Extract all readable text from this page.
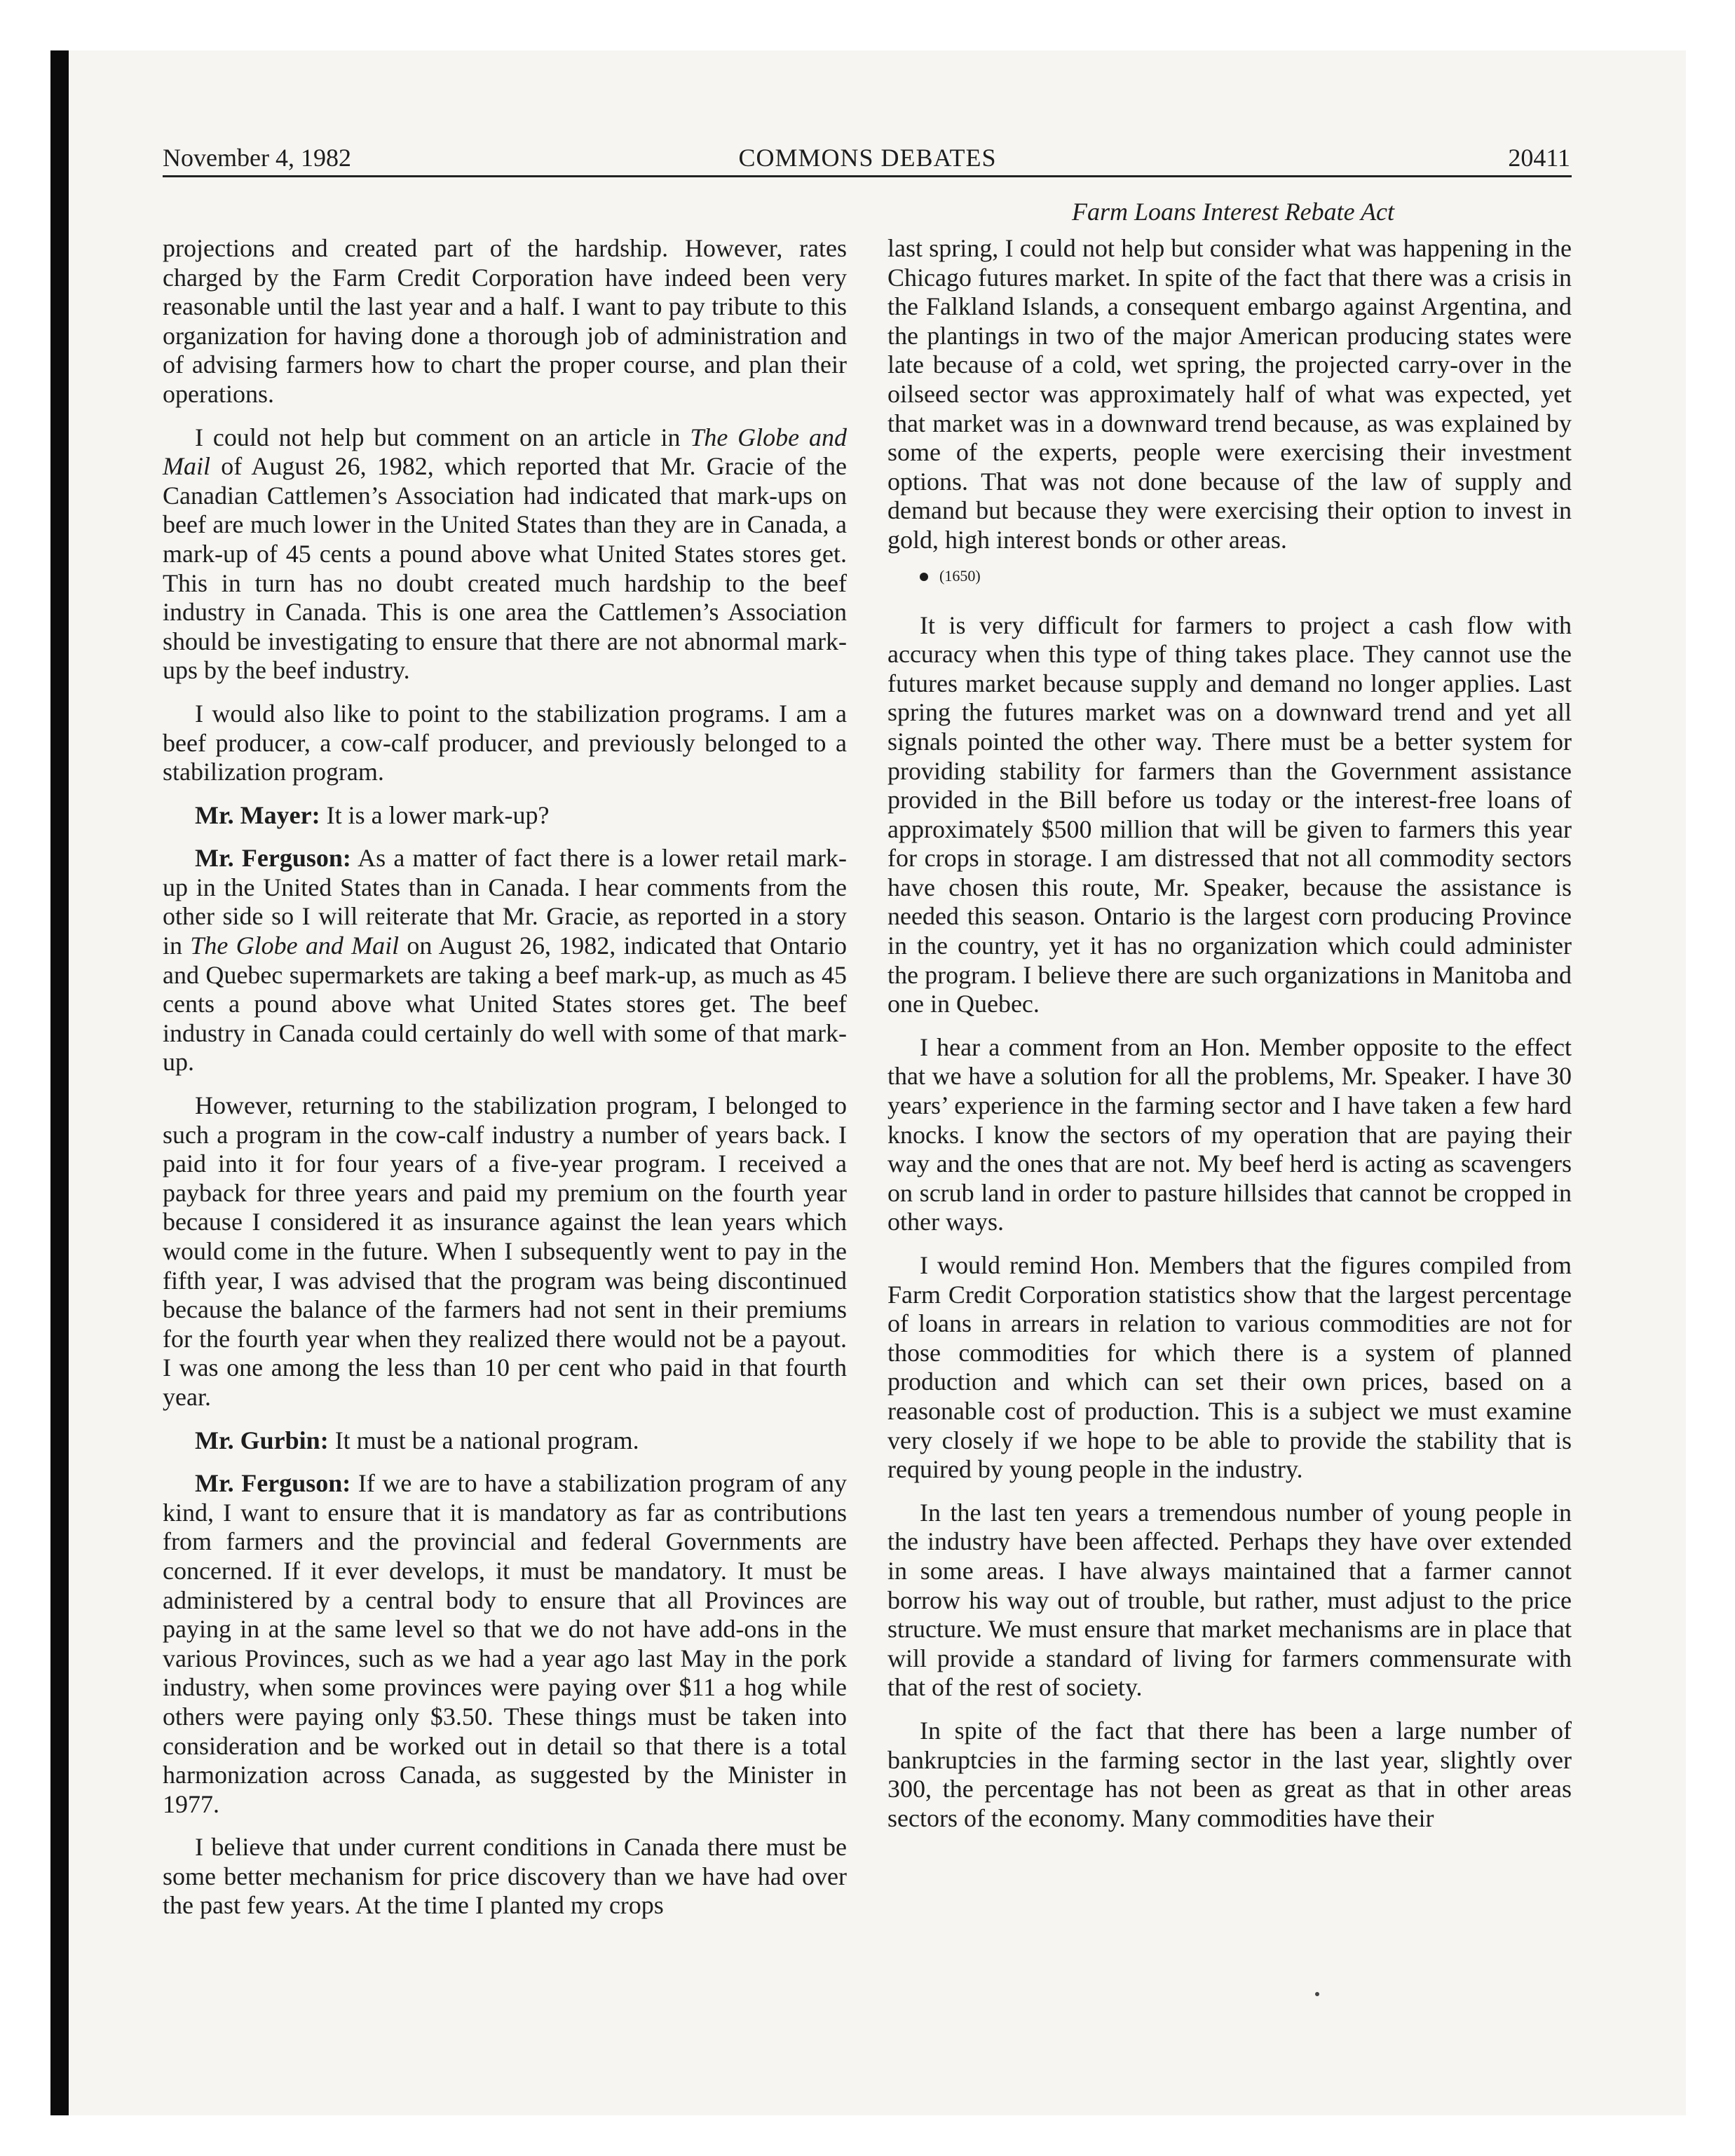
November 4, 1982	COMMONS DEBATES	20411
Farm Loans Interest Rebate Act

projections and created part of the hardship. However, rates charged by the Farm Credit Corporation have indeed been very reasonable until the last year and a half. I want to pay tribute to this organization for having done a thorough job of administration and of advising farmers how to chart the proper course, and plan their operations.

I could not help but comment on an article in The Globe and Mail of August 26, 1982, which reported that Mr. Gracie of the Canadian Cattlemen’s Association had indicated that mark-ups on beef are much lower in the United States than they are in Canada, a mark-up of 45 cents a pound above what United States stores get. This in turn has no doubt created much hardship to the beef industry in Canada. This is one area the Cattlemen’s Association should be investigating to ensure that there are not abnormal mark-ups by the beef industry.

I would also like to point to the stabilization programs. I am a beef producer, a cow-calf producer, and previously belonged to a stabilization program.

Mr. Mayer: It is a lower mark-up?

Mr. Ferguson: As a matter of fact there is a lower retail mark-up in the United States than in Canada. I hear comments from the other side so I will reiterate that Mr. Gracie, as reported in a story in The Globe and Mail on August 26, 1982, indicated that Ontario and Quebec supermarkets are taking a beef mark-up, as much as 45 cents a pound above what United States stores get. The beef industry in Canada could certainly do well with some of that mark-up.

However, returning to the stabilization program, I belonged to such a program in the cow-calf industry a number of years back. I paid into it for four years of a five-year program. I received a payback for three years and paid my premium on the fourth year because I considered it as insurance against the lean years which would come in the future. When I subsequently went to pay in the fifth year, I was advised that the program was being discontinued because the balance of the farmers had not sent in their premiums for the fourth year when they realized there would not be a payout. I was one among the less than 10 per cent who paid in that fourth year.

Mr. Gurbin: It must be a national program.

Mr. Ferguson: If we are to have a stabilization program of any kind, I want to ensure that it is mandatory as far as contributions from farmers and the provincial and federal Governments are concerned. If it ever develops, it must be mandatory. It must be administered by a central body to ensure that all Provinces are paying in at the same level so that we do not have add-ons in the various Provinces, such as we had a year ago last May in the pork industry, when some provinces were paying over $11 a hog while others were paying only $3.50. These things must be taken into consideration and be worked out in detail so that there is a total harmonization across Canada, as suggested by the Minister in 1977.

I believe that under current conditions in Canada there must be some better mechanism for price discovery than we have had over the past few years. At the time I planted my crops

last spring, I could not help but consider what was happening in the Chicago futures market. In spite of the fact that there was a crisis in the Falkland Islands, a consequent embargo against Argentina, and the plantings in two of the major American producing states were late because of a cold, wet spring, the projected carry-over in the oilseed sector was approximately half of what was expected, yet that market was in a downward trend because, as was explained by some of the experts, people were exercising their investment options. That was not done because of the law of supply and demand but because they were exercising their option to invest in gold, high interest bonds or other areas.

(1650)

It is very difficult for farmers to project a cash flow with accuracy when this type of thing takes place. They cannot use the futures market because supply and demand no longer applies. Last spring the futures market was on a downward trend and yet all signals pointed the other way. There must be a better system for providing stability for farmers than the Government assistance provided in the Bill before us today or the interest-free loans of approximately $500 million that will be given to farmers this year for crops in storage. I am distressed that not all commodity sectors have chosen this route, Mr. Speaker, because the assistance is needed this season. Ontario is the largest corn producing Province in the country, yet it has no organization which could administer the program. I believe there are such organizations in Manitoba and one in Quebec.

I hear a comment from an Hon. Member opposite to the effect that we have a solution for all the problems, Mr. Speaker. I have 30 years’ experience in the farming sector and I have taken a few hard knocks. I know the sectors of my operation that are paying their way and the ones that are not. My beef herd is acting as scavengers on scrub land in order to pasture hillsides that cannot be cropped in other ways.

I would remind Hon. Members that the figures compiled from Farm Credit Corporation statistics show that the largest percentage of loans in arrears in relation to various commodities are not for those commodities for which there is a system of planned production and which can set their own prices, based on a reasonable cost of production. This is a subject we must examine very closely if we hope to be able to provide the stability that is required by young people in the industry.

In the last ten years a tremendous number of young people in the industry have been affected. Perhaps they have over extended in some areas. I have always maintained that a farmer cannot borrow his way out of trouble, but rather, must adjust to the price structure. We must ensure that market mechanisms are in place that will provide a standard of living for farmers commensurate with that of the rest of society.

In spite of the fact that there has been a large number of bankruptcies in the farming sector in the last year, slightly over 300, the percentage has not been as great as that in other areas sectors of the economy. Many commodities have their
